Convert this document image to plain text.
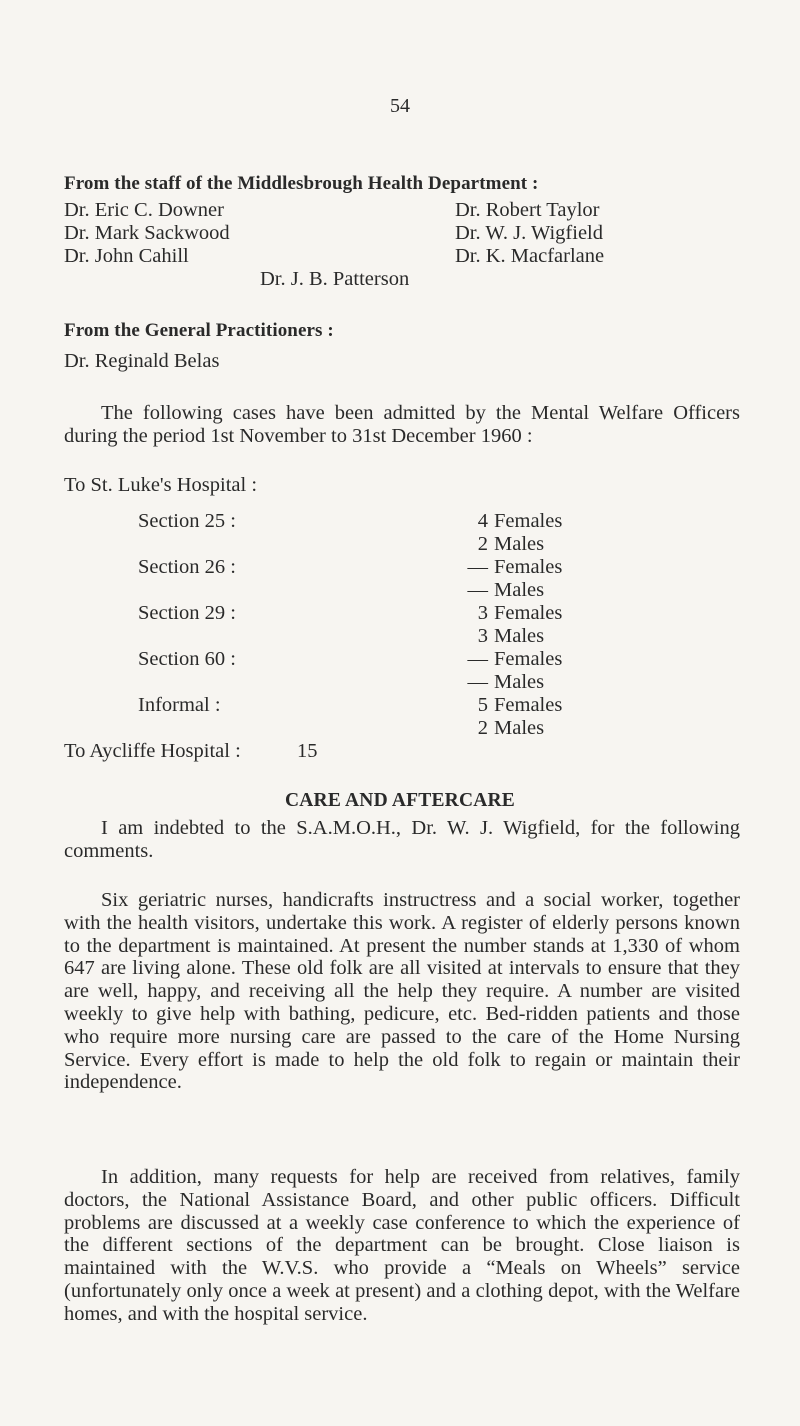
54
From the staff of the Middlesbrough Health Department :
Dr. Eric C. Downer
Dr. Mark Sackwood
Dr. John Cahill
Dr. Robert Taylor
Dr. W. J. Wigfield
Dr. K. Macfarlane
Dr. J. B. Patterson
From the General Practitioners :
Dr. Reginald Belas
The following cases have been admitted by the Mental Welfare Officers during the period 1st November to 31st December 1960 :
To St. Luke's Hospital :
Section 25 :	4 Females
2 Males
Section 26 :	— Females
— Males
Section 29 :	3 Females
3 Males
Section 60 :	— Females
— Males
Informal :	5 Females
2 Males
To Aycliffe Hospital :	15
CARE AND AFTERCARE
I am indebted to the S.A.M.O.H., Dr. W. J. Wigfield, for the following comments.
Six geriatric nurses, handicrafts instructress and a social worker, together with the health visitors, undertake this work. A register of elderly persons known to the department is maintained. At present the number stands at 1,330 of whom 647 are living alone. These old folk are all visited at intervals to ensure that they are well, happy, and receiving all the help they require. A number are visited weekly to give help with bathing, pedicure, etc. Bed-ridden patients and those who require more nursing care are passed to the care of the Home Nursing Service. Every effort is made to help the old folk to regain or maintain their independence.
In addition, many requests for help are received from relatives, family doctors, the National Assistance Board, and other public officers. Difficult problems are discussed at a weekly case conference to which the experience of the different sections of the department can be brought. Close liaison is maintained with the W.V.S. who provide a “Meals on Wheels” service (unfortunately only once a week at present) and a clothing depot, with the Welfare homes, and with the hospital service.
